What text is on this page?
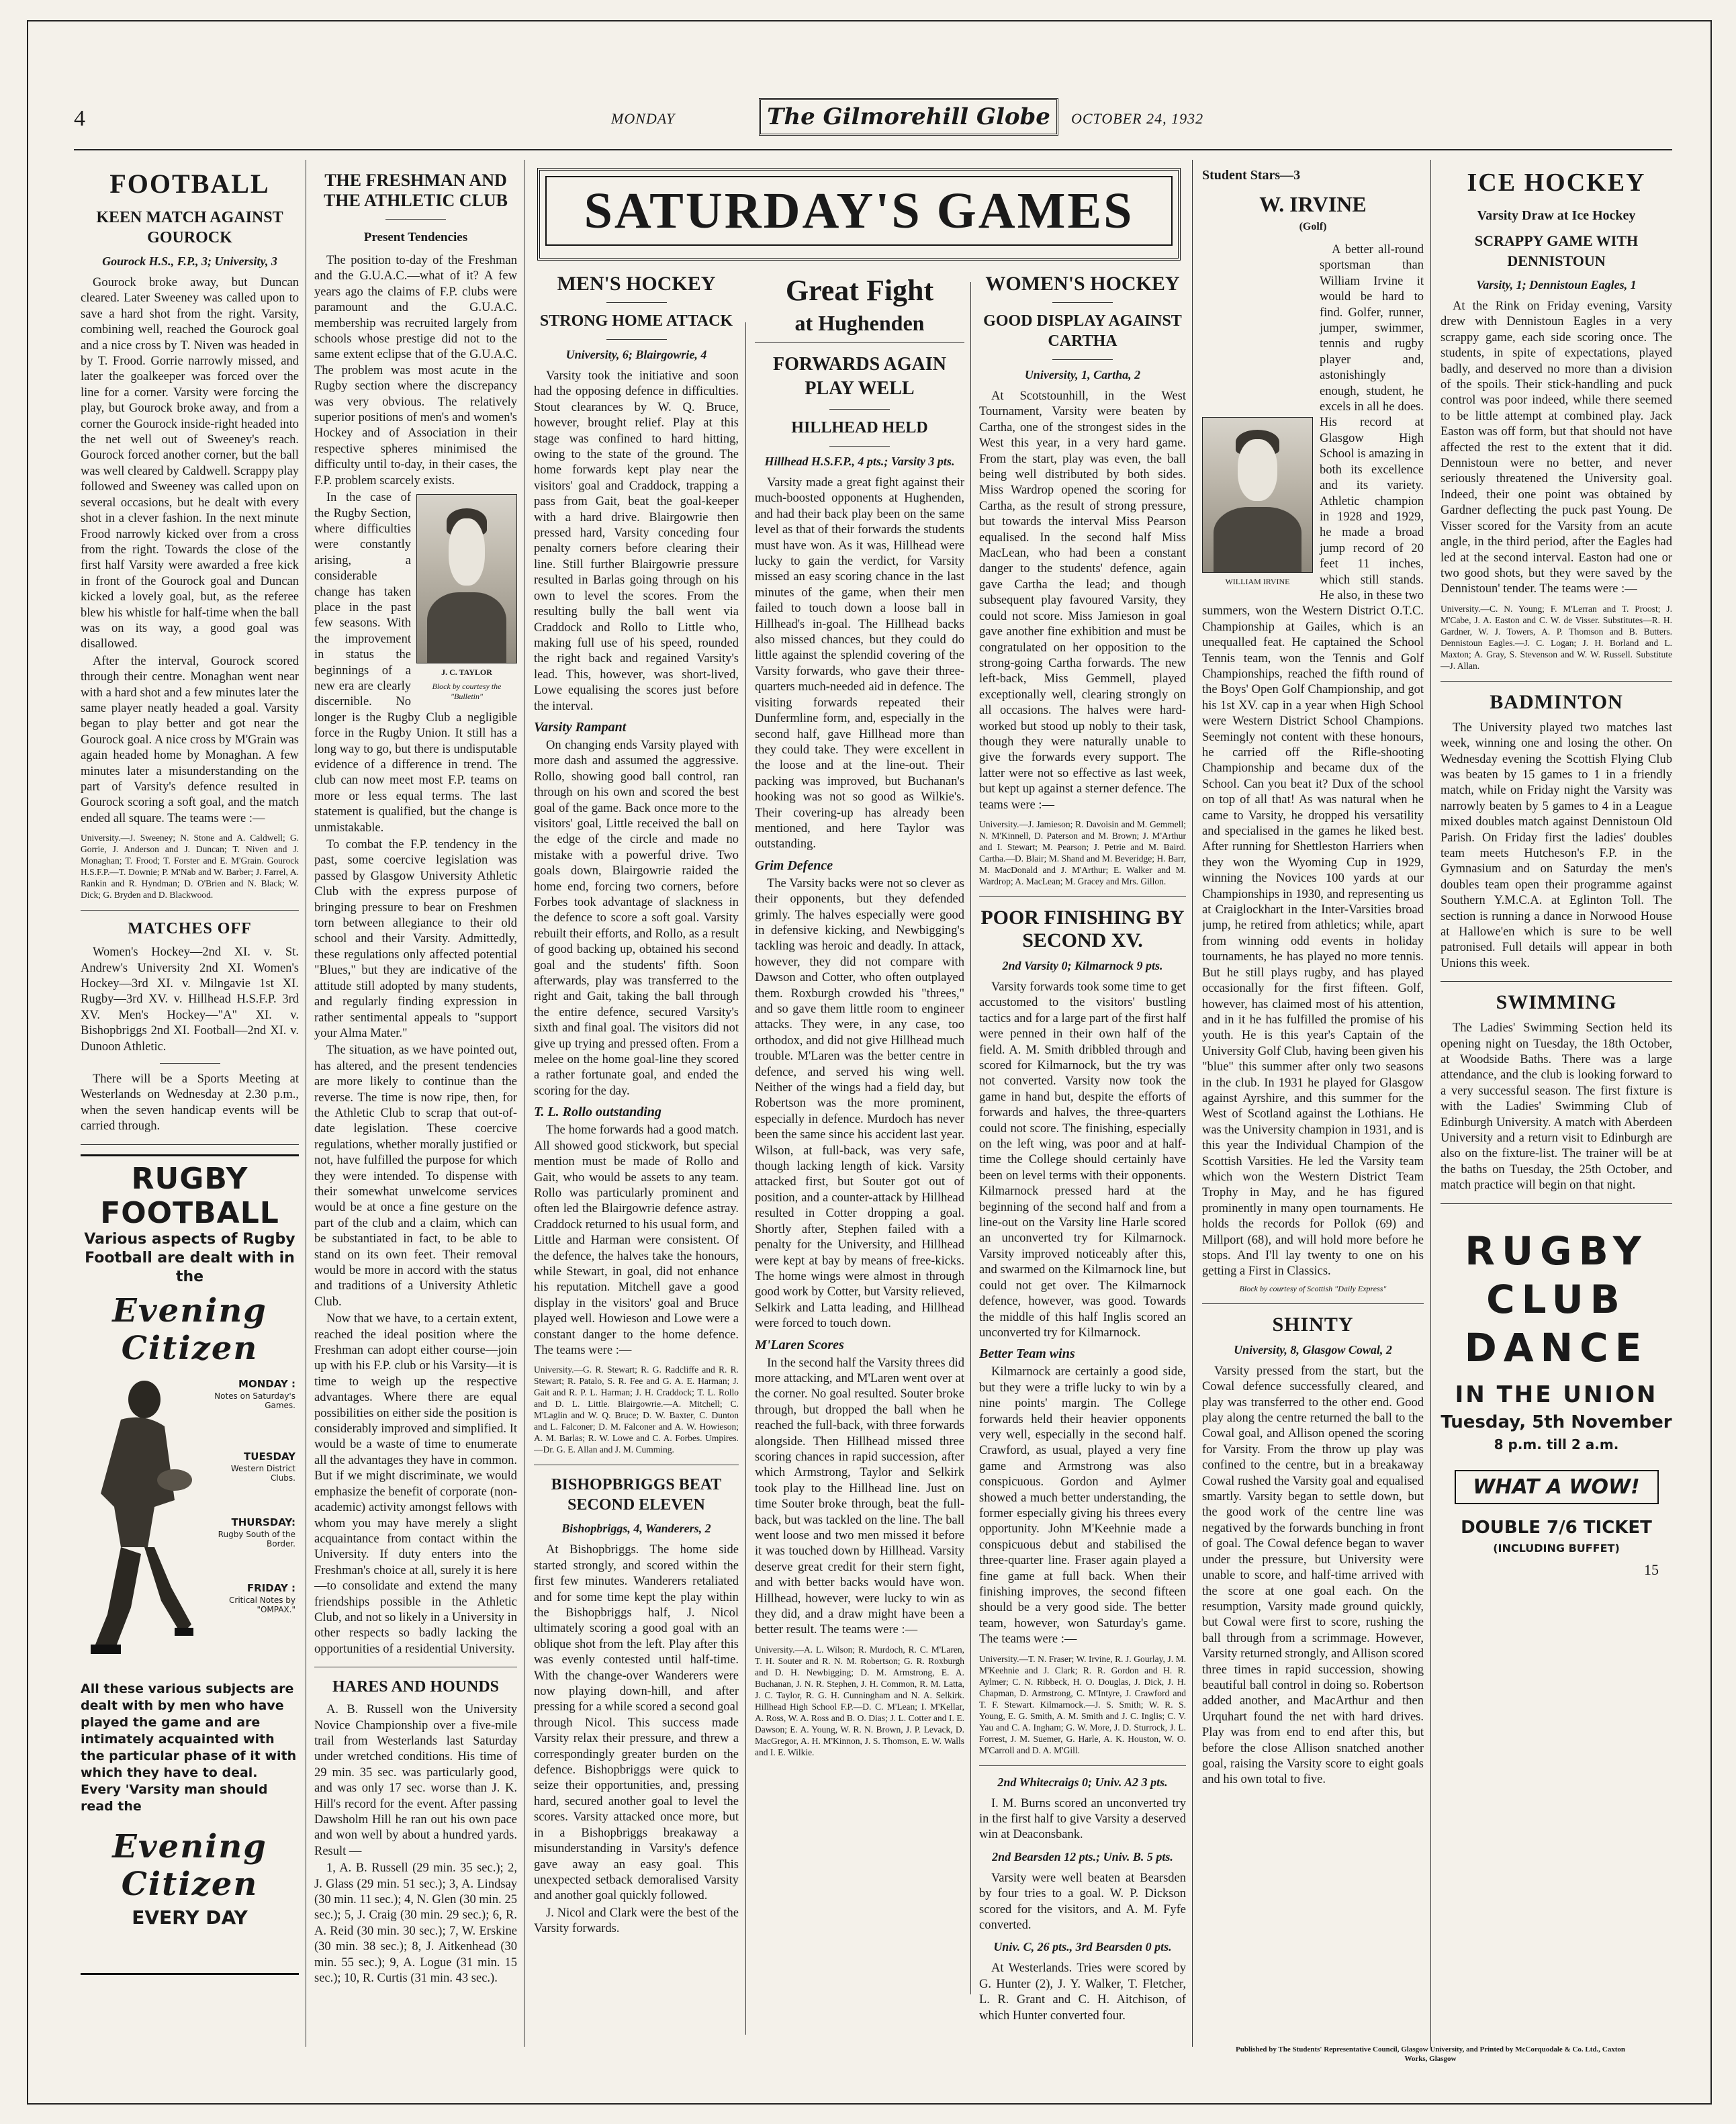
4	MONDAY	The Gilmorehill Globe	OCTOBER 24, 1932
FOOTBALL
KEEN MATCH AGAINST GOUROCK
Gourock H.S., F.P., 3; University, 3

Gourock broke away, but Duncan cleared. Later Sweeney was called upon to save a hard shot from the right. Varsity, combining well, reached the Gourock goal and a nice cross by T. Niven was headed in by T. Frood. Gorrie narrowly missed, and later the goalkeeper was forced over the line for a corner. Varsity were forcing the play, but Gourock broke away, and from a corner the Gourock inside-right headed into the net well out of Sweeney's reach. Gourock forced another corner, but the ball was well cleared by Caldwell. Scrappy play followed and Sweeney was called upon on several occasions, but he dealt with every shot in a clever fashion. In the next minute Frood narrowly kicked over from a cross from the right. Towards the close of the first half Varsity were awarded a free kick in front of the Gourock goal and Duncan kicked a lovely goal, but, as the referee blew his whistle for half-time when the ball was on its way, a good goal was disallowed.

After the interval, Gourock scored through their centre. Monaghan went near with a hard shot and a few minutes later the same player neatly headed a goal. Varsity began to play better and got near the Gourock goal. A nice cross by M'Grain was again headed home by Monaghan. A few minutes later a misunderstanding on the part of Varsity's defence resulted in Gourock scoring a soft goal, and the match ended all square. The teams were :—

University.—J. Sweeney; N. Stone and A. Caldwell; G. Gorrie, J. Anderson and J. Duncan; T. Niven and J. Monaghan; T. Frood; T. Forster and E. M'Grain. Gourock H.S.F.P.—T. Downie; P. M'Nab and W. Barber; J. Farrel, A. Rankin and R. Hyndman; D. O'Brien and N. Black; W. Dick; G. Bryden and D. Blackwood.

MATCHES OFF

Women's Hockey—2nd XI. v. St. Andrew's University 2nd XI. Women's Hockey—3rd XI. v. Milngavie 1st XI. Rugby—3rd XV. v. Hillhead H.S.F.P. 3rd XV. Men's Hockey—"A" XI. v. Bishopbriggs 2nd XI. Football—2nd XI. v. Dunoon Athletic.

There will be a Sports Meeting at Westerlands on Wednesday at 2.30 p.m., when the seven handicap events will be carried through.

RUGBY FOOTBALL
Various aspects of Rugby
Football are dealt with in the
Evening Citizen
MONDAY :
Notes on Saturday's Games.
TUESDAY
Western District Clubs.
THURSDAY:
Rugby South of the Border.
FRIDAY :
Critical Notes by "OMPAX."

All these various subjects are dealt with by men who have played the game and are intimately acquainted with the particular phase of it with which they have to deal. Every 'Varsity man should read the

Evening Citizen
EVERY DAY
THE FRESHMAN AND THE ATHLETIC CLUB
Present Tendencies

The position to-day of the Freshman and the G.U.A.C.—what of it? A few years ago the claims of F.P. clubs were paramount and the G.U.A.C. membership was recruited largely from schools whose prestige did not to the same extent eclipse that of the G.U.A.C. The problem was most acute in the Rugby section where the discrepancy was very obvious. The relatively superior positions of men's and women's Hockey and of Association in their respective spheres minimised the difficulty until to-day, in their cases, the F.P. problem scarcely exists.

J. C. TAYLOR
Block by courtesy the "Bulletin"

In the case of the Rugby Section, where difficulties were constantly arising, a considerable change has taken place in the past few seasons. With the improvement in status the beginnings of a new era are clearly discernible. No longer is the Rugby Club a negligible force in the Rugby Union. It still has a long way to go, but there is undisputable evidence of a difference in trend. The club can now meet most F.P. teams on more or less equal terms. The last statement is qualified, but the change is unmistakable.

To combat the F.P. tendency in the past, some coercive legislation was passed by Glasgow University Athletic Club with the express purpose of bringing pressure to bear on Freshmen torn between allegiance to their old school and their Varsity. Admittedly, these regulations only affected potential "Blues," but they are indicative of the attitude still adopted by many students, and regularly finding expression in rather sentimental appeals to "support your Alma Mater."

The situation, as we have pointed out, has altered, and the present tendencies are more likely to continue than the reverse. The time is now ripe, then, for the Athletic Club to scrap that out-of-date legislation. These coercive regulations, whether morally justified or not, have fulfilled the purpose for which they were intended. To dispense with their somewhat unwelcome services would be at once a fine gesture on the part of the club and a claim, which can be substantiated in fact, to be able to stand on its own feet. Their removal would be more in accord with the status and traditions of a University Athletic Club.

Now that we have, to a certain extent, reached the ideal position where the Freshman can adopt either course—join up with his F.P. club or his Varsity—it is time to weigh up the respective advantages. Where there are equal possibilities on either side the position is considerably improved and simplified. It would be a waste of time to enumerate all the advantages they have in common. But if we might discriminate, we would emphasize the benefit of corporate (non-academic) activity amongst fellows with whom you may have merely a slight acquaintance from contact within the University. If duty enters into the Freshman's choice at all, surely it is here—to consolidate and extend the many friendships possible in the Athletic Club, and not so likely in a University in other respects so badly lacking the opportunities of a residential University.

HARES AND HOUNDS

A. B. Russell won the University Novice Championship over a five-mile trail from Westerlands last Saturday under wretched conditions. His time of 29 min. 35 sec. was particularly good, and was only 17 sec. worse than J. K. Hill's record for the event. After passing Dawsholm Hill he ran out his own pace and won well by about a hundred yards. Result —

1, A. B. Russell (29 min. 35 sec.); 2, J. Glass (29 min. 51 sec.); 3, A. Lindsay (30 min. 11 sec.); 4, N. Glen (30 min. 25 sec.); 5, J. Craig (30 min. 29 sec.); 6, R. A. Reid (30 min. 30 sec.); 7, W. Erskine (30 min. 38 sec.); 8, J. Aitkenhead (30 min. 55 sec.); 9, A. Logue (31 min. 15 sec.); 10, R. Curtis (31 min. 43 sec.).

SATURDAY'S GAMES
MEN'S HOCKEY
STRONG HOME ATTACK
University, 6; Blairgowrie, 4

Varsity took the initiative and soon had the opposing defence in difficulties. Stout clearances by W. Q. Bruce, however, brought relief. Play at this stage was confined to hard hitting, owing to the state of the ground. The home forwards kept play near the visitors' goal and Craddock, trapping a pass from Gait, beat the goal-keeper with a hard drive. Blairgowrie then pressed hard, Varsity conceding four penalty corners before clearing their line. Still further Blairgowrie pressure resulted in Barlas going through on his own to level the scores. From the resulting bully the ball went via Craddock and Rollo to Little who, making full use of his speed, rounded the right back and regained Varsity's lead. This, however, was short-lived, Lowe equalising the scores just before the interval.

Varsity Rampant

On changing ends Varsity played with more dash and assumed the aggressive. Rollo, showing good ball control, ran through on his own and scored the best goal of the game. Back once more to the visitors' goal, Little received the ball on the edge of the circle and made no mistake with a powerful drive. Two goals down, Blairgowrie raided the home end, forcing two corners, before Forbes took advantage of slackness in the defence to score a soft goal. Varsity rebuilt their efforts, and Rollo, as a result of good backing up, obtained his second goal and the students' fifth. Soon afterwards, play was transferred to the right and Gait, taking the ball through the entire defence, secured Varsity's sixth and final goal. The visitors did not give up trying and pressed often. From a melee on the home goal-line they scored a rather fortunate goal, and ended the scoring for the day.

T. L. Rollo outstanding

The home forwards had a good match. All showed good stickwork, but special mention must be made of Rollo and Gait, who would be assets to any team. Rollo was particularly prominent and often led the Blairgowrie defence astray. Craddock returned to his usual form, and Little and Harman were consistent. Of the defence, the halves take the honours, while Stewart, in goal, did not enhance his reputation. Mitchell gave a good display in the visitors' goal and Bruce played well. Howieson and Lowe were a constant danger to the home defence. The teams were :—

University.—G. R. Stewart; R. G. Radcliffe and R. R. Stewart; R. Patalo, S. R. Fee and G. A. E. Harman; J. Gait and R. P. L. Harman; J. H. Craddock; T. L. Rollo and D. L. Little. Blairgowrie.—A. Mitchell; C. M'Laglin and W. Q. Bruce; D. W. Baxter, C. Dunton and L. Falconer; D. M. Falconer and A. W. Howieson; A. M. Barlas; R. W. Lowe and C. A. Forbes. Umpires.—Dr. G. E. Allan and J. M. Cumming.

BISHOPBRIGGS BEAT SECOND ELEVEN
Bishopbriggs, 4, Wanderers, 2

At Bishopbriggs. The home side started strongly, and scored within the first few minutes. Wanderers retaliated and for some time kept the play within the Bishopbriggs half, J. Nicol ultimately scoring a good goal with an oblique shot from the left. Play after this was evenly contested until half-time. With the change-over Wanderers were now playing down-hill, and after pressing for a while scored a second goal through Nicol. This success made Varsity relax their pressure, and threw a correspondingly greater burden on the defence. Bishopbriggs were quick to seize their opportunities, and, pressing hard, secured another goal to level the scores. Varsity attacked once more, but in a Bishopbriggs breakaway a misunderstanding in Varsity's defence gave away an easy goal. This unexpected setback demoralised Varsity and another goal quickly followed.

J. Nicol and Clark were the best of the Varsity forwards.

Great Fight
at Hughenden
FORWARDS AGAIN PLAY WELL
HILLHEAD HELD
Hillhead H.S.F.P., 4 pts.; Varsity 3 pts.

Varsity made a great fight against their much-boosted opponents at Hughenden, and had their back play been on the same level as that of their forwards the students must have won. As it was, Hillhead were lucky to gain the verdict, for Varsity missed an easy scoring chance in the last minutes of the game, when their men failed to touch down a loose ball in Hillhead's in-goal. The Hillhead backs also missed chances, but they could do little against the splendid covering of the Varsity forwards, who gave their three-quarters much-needed aid in defence. The visiting forwards repeated their Dunfermline form, and, especially in the second half, gave Hillhead more than they could take. They were excellent in the loose and at the line-out. Their packing was improved, but Buchanan's hooking was not so good as Wilkie's. Their covering-up has already been mentioned, and here Taylor was outstanding.

Grim Defence

The Varsity backs were not so clever as their opponents, but they defended grimly. The halves especially were good in defensive kicking, and Newbigging's tackling was heroic and deadly. In attack, however, they did not compare with Dawson and Cotter, who often outplayed them. Roxburgh crowded his "threes," and so gave them little room to engineer attacks. They were, in any case, too orthodox, and did not give Hillhead much trouble. M'Laren was the better centre in defence, and served his wing well. Neither of the wings had a field day, but Robertson was the more prominent, especially in defence. Murdoch has never been the same since his accident last year. Wilson, at full-back, was very safe, though lacking length of kick. Varsity attacked first, but Souter got out of position, and a counter-attack by Hillhead resulted in Cotter dropping a goal. Shortly after, Stephen failed with a penalty for the University, and Hillhead were kept at bay by means of free-kicks. The home wings were almost in through good work by Cotter, but Varsity relieved, Selkirk and Latta leading, and Hillhead were forced to touch down.

M'Laren Scores

In the second half the Varsity threes did more attacking, and M'Laren went over at the corner. No goal resulted. Souter broke through, but dropped the ball when he reached the full-back, with three forwards alongside. Then Hillhead missed three scoring chances in rapid succession, after which Armstrong, Taylor and Selkirk took play to the Hillhead line. Just on time Souter broke through, beat the full-back, but was tackled on the line. The ball went loose and two men missed it before it was touched down by Hillhead. Varsity deserve great credit for their stern fight, and with better backs would have won. Hillhead, however, were lucky to win as they did, and a draw might have been a better result. The teams were :—

University.—A. L. Wilson; R. Murdoch, R. C. M'Laren, T. H. Souter and R. N. M. Robertson; G. R. Roxburgh and D. H. Newbigging; D. M. Armstrong, E. A. Buchanan, J. N. R. Stephen, J. H. Common, R. M. Latta, J. C. Taylor, R. G. H. Cunningham and N. A. Selkirk. Hillhead High School F.P.—D. C. M'Lean; I. M'Kellar, A. Ross, W. A. Ross and B. O. Dias; J. L. Cotter and I. E. Dawson; E. A. Young, W. R. N. Brown, J. P. Levack, D. MacGregor, A. H. M'Kinnon, J. S. Thomson, E. W. Walls and I. E. Wilkie.

WOMEN'S HOCKEY
GOOD DISPLAY AGAINST CARTHA
University, 1, Cartha, 2

At Scotstounhill, in the West Tournament, Varsity were beaten by Cartha, one of the strongest sides in the West this year, in a very hard game. From the start, play was even, the ball being well distributed by both sides. Miss Wardrop opened the scoring for Cartha, as the result of strong pressure, but towards the interval Miss Pearson equalised. In the second half Miss MacLean, who had been a constant danger to the students' defence, again gave Cartha the lead; and though subsequent play favoured Varsity, they could not score. Miss Jamieson in goal gave another fine exhibition and must be congratulated on her opposition to the strong-going Cartha forwards. The new left-back, Miss Gemmell, played exceptionally well, clearing strongly on all occasions. The halves were hard-worked but stood up nobly to their task, though they were naturally unable to give the forwards every support. The latter were not so effective as last week, but kept up against a sterner defence. The teams were :—

University.—J. Jamieson; R. Davoisin and M. Gemmell; N. M'Kinnell, D. Paterson and M. Brown; J. M'Arthur and I. Stewart; M. Pearson; J. Petrie and M. Baird. Cartha.—D. Blair; M. Shand and M. Beveridge; H. Barr, M. MacDonald and J. M'Arthur; E. Walker and M. Wardrop; A. MacLean; M. Gracey and Mrs. Gillon.

POOR FINISHING BY SECOND XV.
2nd Varsity 0; Kilmarnock 9 pts.

Varsity forwards took some time to get accustomed to the visitors' bustling tactics and for a large part of the first half were penned in their own half of the field. A. M. Smith dribbled through and scored for Kilmarnock, but the try was not converted. Varsity now took the game in hand but, despite the efforts of forwards and halves, the three-quarters could not score. The finishing, especially on the left wing, was poor and at half-time the College should certainly have been on level terms with their opponents. Kilmarnock pressed hard at the beginning of the second half and from a line-out on the Varsity line Harle scored an unconverted try for Kilmarnock. Varsity improved noticeably after this, and swarmed on the Kilmarnock line, but could not get over. The Kilmarnock defence, however, was good. Towards the middle of this half Inglis scored an unconverted try for Kilmarnock.

Better Team wins

Kilmarnock are certainly a good side, but they were a trifle lucky to win by a nine points' margin. The College forwards held their heavier opponents very well, especially in the second half. Crawford, as usual, played a very fine game and Armstrong was also conspicuous. Gordon and Aylmer showed a much better understanding, the former especially giving his threes every opportunity. John M'Keehnie made a conspicuous debut and stabilised the three-quarter line. Fraser again played a fine game at full back. When their finishing improves, the second fifteen should be a very good side. The better team, however, won Saturday's game. The teams were :—

University.—T. N. Fraser; W. Irvine, R. J. Gourlay, J. M. M'Keehnie and J. Clark; R. R. Gordon and H. R. Aylmer; C. N. Ribbeck, H. O. Douglas, J. Dick, J. H. Chapman, D. Armstrong, C. M'Intyre, J. Crawford and T. F. Stewart. Kilmarnock.—J. S. Smith; W. R. S. Young, E. G. Smith, A. M. Smith and J. C. Inglis; C. V. Yau and C. A. Ingham; G. W. More, J. D. Sturrock, J. L. Forrest, J. M. Suemer, G. Harle, A. K. Houston, W. O. M'Carroll and D. A. M'Gill.

2nd Whitecraigs 0; Univ. A2 3 pts.

I. M. Burns scored an unconverted try in the first half to give Varsity a deserved win at Deaconsbank.

2nd Bearsden 12 pts.; Univ. B. 5 pts.

Varsity were well beaten at Bearsden by four tries to a goal. W. P. Dickson scored for the visitors, and A. M. Fyfe converted.

Univ. C, 26 pts., 3rd Bearsden 0 pts.

At Westerlands. Tries were scored by G. Hunter (2), J. Y. Walker, T. Fletcher, L. R. Grant and C. H. Aitchison, of which Hunter converted four.

Student Stars—3
W. IRVINE
(Golf)
WILLIAM IRVINE

A better all-round sportsman than William Irvine it would be hard to find. Golfer, runner, jumper, swimmer, tennis and rugby player and, astonishingly enough, student, he excels in all he does. His record at Glasgow High School is amazing in both its excellence and its variety. Athletic champion in 1928 and 1929, he made a broad jump record of 20 feet 11 inches, which still stands. He also, in these two summers, won the Western District O.T.C. Championship at Gailes, which is an unequalled feat. He captained the School Tennis team, won the Tennis and Golf Championships, reached the fifth round of the Boys' Open Golf Championship, and got his 1st XV. cap in a year when High School were Western District School Champions. Seemingly not content with these honours, he carried off the Rifle-shooting Championship and became dux of the School. Can you beat it? Dux of the school on top of all that! As was natural when he came to Varsity, he dropped his versatility and specialised in the games he liked best. After running for Shettleston Harriers when they won the Wyoming Cup in 1929, winning the Novices 100 yards at our Championships in 1930, and representing us at Craiglockhart in the Inter-Varsities broad jump, he retired from athletics; while, apart from winning odd events in holiday tournaments, he has played no more tennis. But he still plays rugby, and has played occasionally for the first fifteen. Golf, however, has claimed most of his attention, and in it he has fulfilled the promise of his youth. He is this year's Captain of the University Golf Club, having been given his "blue" this summer after only two seasons in the club. In 1931 he played for Glasgow against Ayrshire, and this summer for the West of Scotland against the Lothians. He was the University champion in 1931, and is this year the Individual Champion of the Scottish Varsities. He led the Varsity team which won the Western District Team Trophy in May, and he has figured prominently in many open tournaments. He holds the records for Pollok (69) and Millport (68), and will hold more before he stops. And I'll lay twenty to one on his getting a First in Classics.

Block by courtesy of Scottish "Daily Express"
SHINTY
University, 8, Glasgow Cowal, 2

Varsity pressed from the start, but the Cowal defence successfully cleared, and play was transferred to the other end. Good play along the centre returned the ball to the Cowal goal, and Allison opened the scoring for Varsity. From the throw up play was confined to the centre, but in a breakaway Cowal rushed the Varsity goal and equalised smartly. Varsity began to settle down, but the good work of the centre line was negatived by the forwards bunching in front of goal. The Cowal defence began to waver under the pressure, but University were unable to score, and half-time arrived with the score at one goal each. On the resumption, Varsity made ground quickly, but Cowal were first to score, rushing the ball through from a scrimmage. However, Varsity returned strongly, and Allison scored three times in rapid succession, showing beautiful ball control in doing so. Robertson added another, and MacArthur and then Urquhart found the net with hard drives. Play was from end to end after this, but before the close Allison snatched another goal, raising the Varsity score to eight goals and his own total to five.

ICE HOCKEY
Varsity Draw at Ice Hockey
SCRAPPY GAME WITH DENNISTOUN
Varsity, 1; Dennistoun Eagles, 1

At the Rink on Friday evening, Varsity drew with Dennistoun Eagles in a very scrappy game, each side scoring once. The students, in spite of expectations, played badly, and deserved no more than a division of the spoils. Their stick-handling and puck control was poor indeed, while there seemed to be little attempt at combined play. Jack Easton was off form, but that should not have affected the rest to the extent that it did. Dennistoun were no better, and never seriously threatened the University goal. Indeed, their one point was obtained by Gardner deflecting the puck past Young. De Visser scored for the Varsity from an acute angle, in the third period, after the Eagles had led at the second interval. Easton had one or two good shots, but they were saved by the Dennistoun' tender. The teams were :—

University.—C. N. Young; F. M'Lerran and T. Proost; J. M'Cabe, J. A. Easton and C. W. de Visser. Substitutes—R. H. Gardner, W. J. Towers, A. P. Thomson and B. Butters. Dennistoun Eagles.—J. C. Logan; J. H. Borland and L. Maxton; A. Gray, S. Stevenson and W. W. Russell. Substitute —J. Allan.

BADMINTON

The University played two matches last week, winning one and losing the other. On Wednesday evening the Scottish Flying Club was beaten by 15 games to 1 in a friendly match, while on Friday night the Varsity was narrowly beaten by 5 games to 4 in a League mixed doubles match against Dennistoun Old Parish. On Friday first the ladies' doubles team meets Hutcheson's F.P. in the Gymnasium and on Saturday the men's doubles team open their programme against Southern Y.M.C.A. at Eglinton Toll. The section is running a dance in Norwood House at Hallowe'en which is sure to be well patronised. Full details will appear in both Unions this week.

SWIMMING

The Ladies' Swimming Section held its opening night on Tuesday, the 18th October, at Woodside Baths. There was a large attendance, and the club is looking forward to a very successful season. The first fixture is with the Ladies' Swimming Club of Edinburgh University. A match with Aberdeen University and a return visit to Edinburgh are also on the fixture-list. The trainer will be at the baths on Tuesday, the 25th October, and match practice will begin on that night.

RUGBY
CLUB
DANCE
IN THE UNION
Tuesday, 5th November
8 p.m. till 2 a.m.
WHAT A WOW!
DOUBLE 7/6 TICKET
(INCLUDING BUFFET)
15
Published by The Students' Representative Council, Glasgow University, and Printed by McCorquodale & Co. Ltd., Caxton Works, Glasgow
